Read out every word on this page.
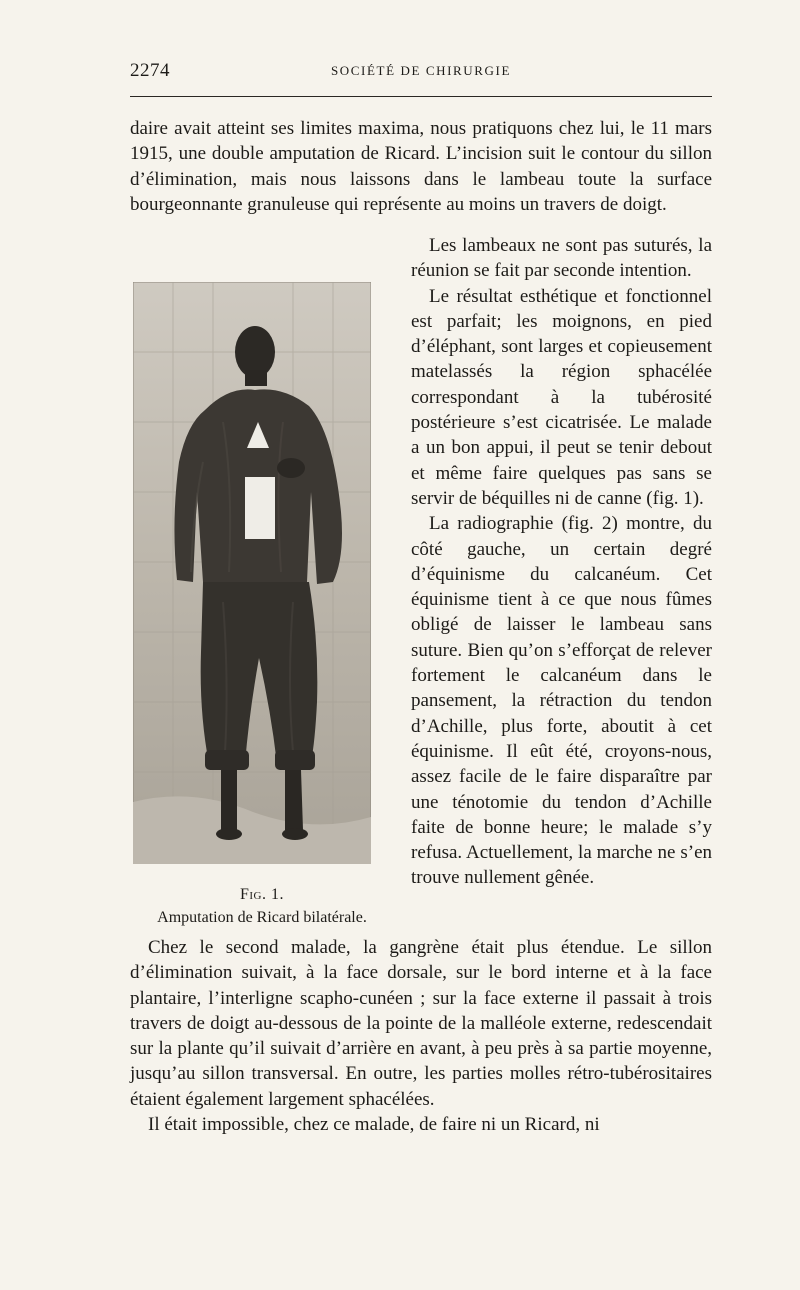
2274	SOCIÉTÉ DE CHIRURGIE
daire avait atteint ses limites maxima, nous pratiquons chez lui, le 11 mars 1915, une double amputation de Ricard. L’incision suit le contour du sillon d’élimination, mais nous laissons dans le lambeau toute la surface bourgeonnante granuleuse qui représente au moins un travers de doigt.

Les lambeaux ne sont pas suturés, la réunion se fait par seconde intention.

Le résultat esthétique et fonctionnel est parfait; les moignons, en pied d’éléphant, sont larges et copieusement matelassés la région sphacélée correspondant à la tubérosité postérieure s’est cicatrisée. Le malade a un bon appui, il peut se tenir debout et même faire quelques pas sans se servir de béquilles ni de canne (fig. 1).

La radiographie (fig. 2) montre, du côté gauche, un certain degré d’équinisme du calcanéum. Cet équinisme tient à ce que nous fûmes obligé de laisser le lambeau sans suture. Bien qu’on s’efforçat de relever fortement le calcanéum dans le pansement, la rétraction du tendon d’Achille, plus forte, aboutit à cet équinisme. Il eût été, croyons-nous, assez facile de le faire disparaître par une ténotomie du tendon d’Achille faite de bonne heure; le malade s’y refusa. Actuellement, la marche ne s’en trouve nullement gênée.

Fig. 1.
Amputation de Ricard bilatérale.

Chez le second malade, la gangrène était plus étendue. Le sillon d’élimination suivait, à la face dorsale, sur le bord interne et à la face plantaire, l’interligne scapho-cunéen ; sur la face externe il passait à trois travers de doigt au-dessous de la pointe de la malléole externe, redescendait sur la plante qu’il suivait d’arrière en avant, à peu près à sa partie moyenne, jusqu’au sillon transversal. En outre, les parties molles rétro-tubérositaires étaient également largement sphacélées.

Il était impossible, chez ce malade, de faire ni un Ricard, ni
